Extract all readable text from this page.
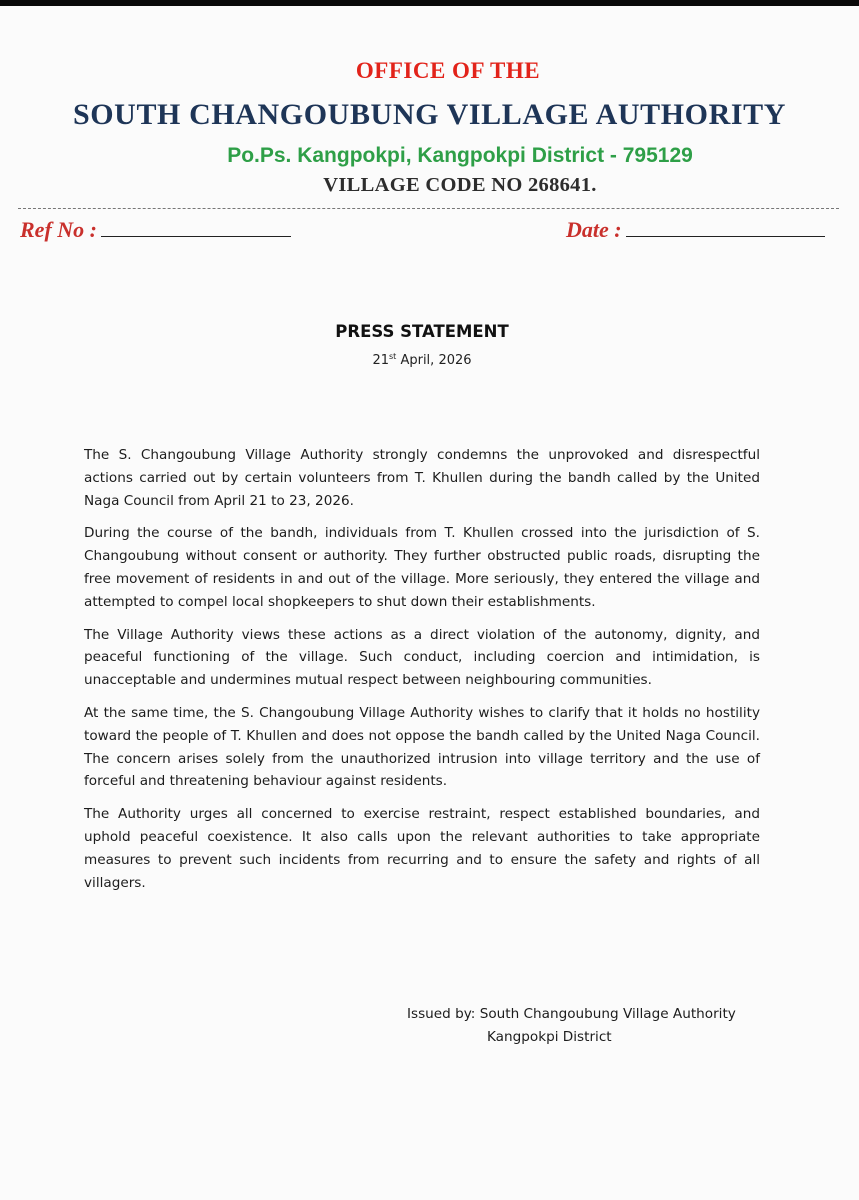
OFFICE OF THE
SOUTH CHANGOUBUNG VILLAGE AUTHORITY
Po.Ps. Kangpokpi, Kangpokpi District - 795129
VILLAGE CODE NO 268641.
Ref No :	Date :
PRESS STATEMENT
21st April, 2026

The S. Changoubung Village Authority strongly condemns the unprovoked and disrespectful actions carried out by certain volunteers from T. Khullen during the bandh called by the United Naga Council from April 21 to 23, 2026.

During the course of the bandh, individuals from T. Khullen crossed into the jurisdiction of S. Changoubung without consent or authority. They further obstructed public roads, disrupting the free movement of residents in and out of the village. More seriously, they entered the village and attempted to compel local shopkeepers to shut down their establishments.

The Village Authority views these actions as a direct violation of the autonomy, dignity, and peaceful functioning of the village. Such conduct, including coercion and intimidation, is unacceptable and undermines mutual respect between neighbouring communities.

At the same time, the S. Changoubung Village Authority wishes to clarify that it holds no hostility toward the people of T. Khullen and does not oppose the bandh called by the United Naga Council. The concern arises solely from the unauthorized intrusion into village territory and the use of forceful and threatening behaviour against residents.

The Authority urges all concerned to exercise restraint, respect established boundaries, and uphold peaceful coexistence. It also calls upon the relevant authorities to take appropriate measures to prevent such incidents from recurring and to ensure the safety and rights of all villagers.

Issued by: South Changoubung Village Authority
Kangpokpi District
